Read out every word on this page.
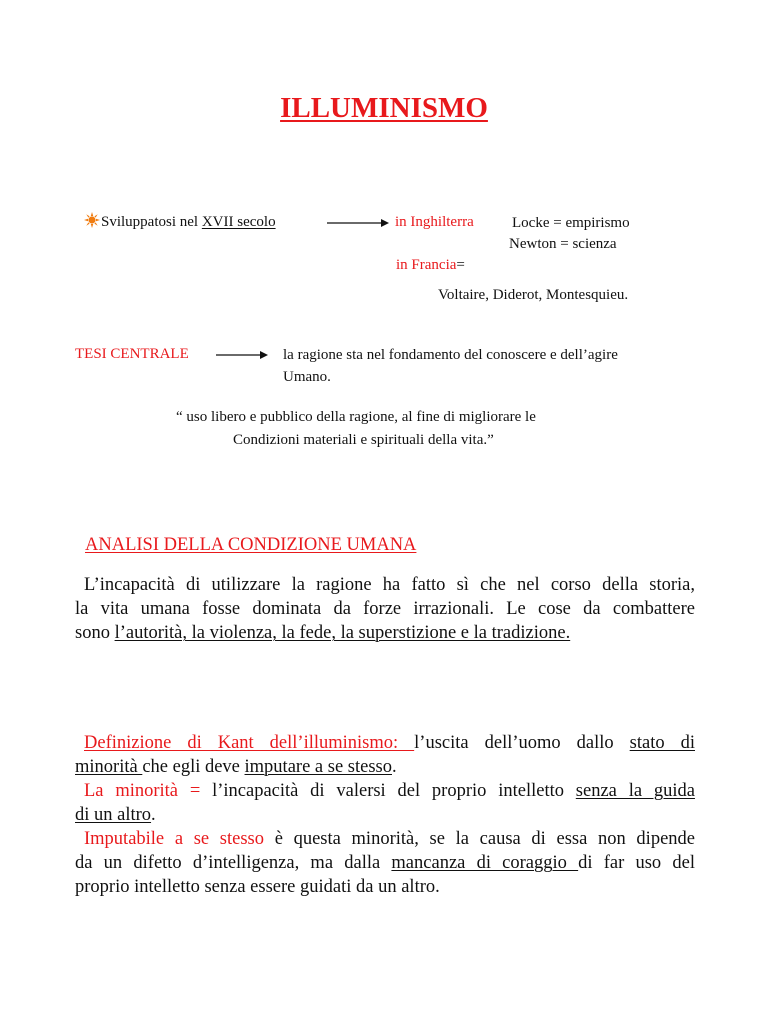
ILLUMINISMO
Sviluppatosi nel XVII secolo	in Inghilterra	Locke = empirismo
Newton = scienza
in Francia=
Voltaire, Diderot, Montesquieu.
TESI CENTRALE	la ragione sta nel fondamento del conoscere e dell’agire
Umano.
“ uso libero e pubblico della ragione, al fine di migliorare le
Condizioni materiali e spirituali della vita.”
ANALISI DELLA CONDIZIONE UMANA
L’incapacità di utilizzare la ragione ha fatto sì che nel corso della storia,
la vita umana fosse dominata da forze irrazionali. Le cose da combattere
sono l’autorità, la violenza, la fede, la superstizione e la tradizione.
Definizione di Kant dell’illuminismo: l’uscita dell’uomo dallo stato di
minorità che egli deve imputare a se stesso.
La minorità = l’incapacità di valersi del proprio intelletto senza la guida
di un altro.
Imputabile a se stesso è questa minorità, se la causa di essa non dipende
da un difetto d’intelligenza, ma dalla mancanza di coraggio di far uso del
proprio intelletto senza essere guidati da un altro.
